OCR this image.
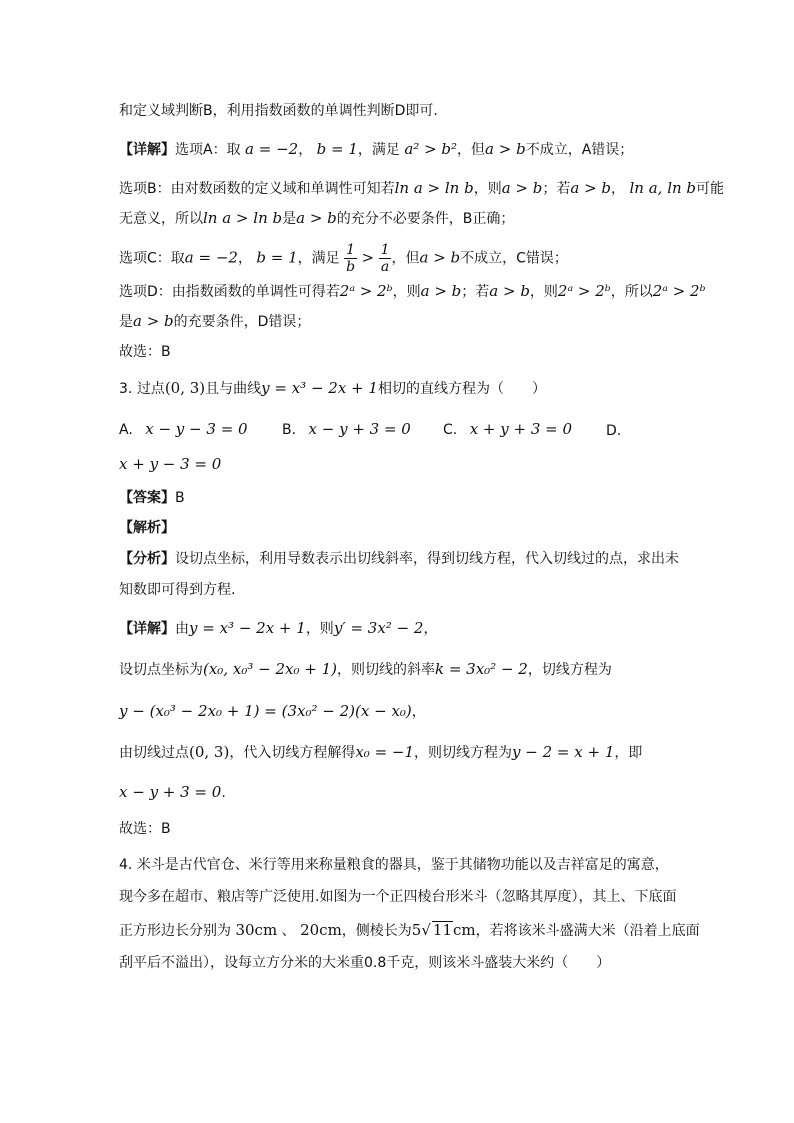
和定义域判断B，利用指数函数的单调性判断D即可.
【详解】选项A：取 a = −2， b = 1，满足 a² > b²，但a > b不成立，A错误；
选项B：由对数函数的定义域和单调性可知若ln a > ln b，则a > b；若a > b， ln a, ln b可能
无意义，所以ln a > ln b是a > b的充分不必要条件，B正确；
选项C：取a = −2， b = 1，满足 $\frac{1}{b} > \frac{1}{a}$ ，但a > b不成立，C错误；
选项D：由指数函数的单调性可得若2ᵃ > 2ᵇ，则a > b；若a > b，则2ᵃ > 2ᵇ，所以2ᵃ > 2ᵇ
是a > b的充要条件，D错误；
故选：B
3. 过点(0, 3)且与曲线y = x³ − 2x + 1相切的直线方程为（　　）
A. x − y − 3 = 0 B. x − y + 3 = 0 C. x + y + 3 = 0 D.
x + y − 3 = 0
【答案】B
【解析】
【分析】设切点坐标，利用导数表示出切线斜率，得到切线方程，代入切线过的点，求出未
知数即可得到方程.
【详解】由y = x³ − 2x + 1，则y′ = 3x² − 2，
设切点坐标为(x₀, x₀³ − 2x₀ + 1)，则切线的斜率k = 3x₀² − 2，切线方程为
y − (x₀³ − 2x₀ + 1) = (3x₀² − 2)(x − x₀)，
由切线过点(0, 3)，代入切线方程解得x₀ = −1，则切线方程为y − 2 = x + 1，即
x − y + 3 = 0.
故选：B
4. 米斗是古代官仓、米行等用来称量粮食的器具，鉴于其储物功能以及吉祥富足的寓意，
现今多在超市、粮店等广泛使用.如图为一个正四棱台形米斗（忽略其厚度），其上、下底面
正方形边长分别为 30cm 、 20cm，侧棱长为5√ 11cm，若将该米斗盛满大米（沿着上底面
刮平后不溢出），设每立方分米的大米重0.8千克，则该米斗盛装大米约（　　）
